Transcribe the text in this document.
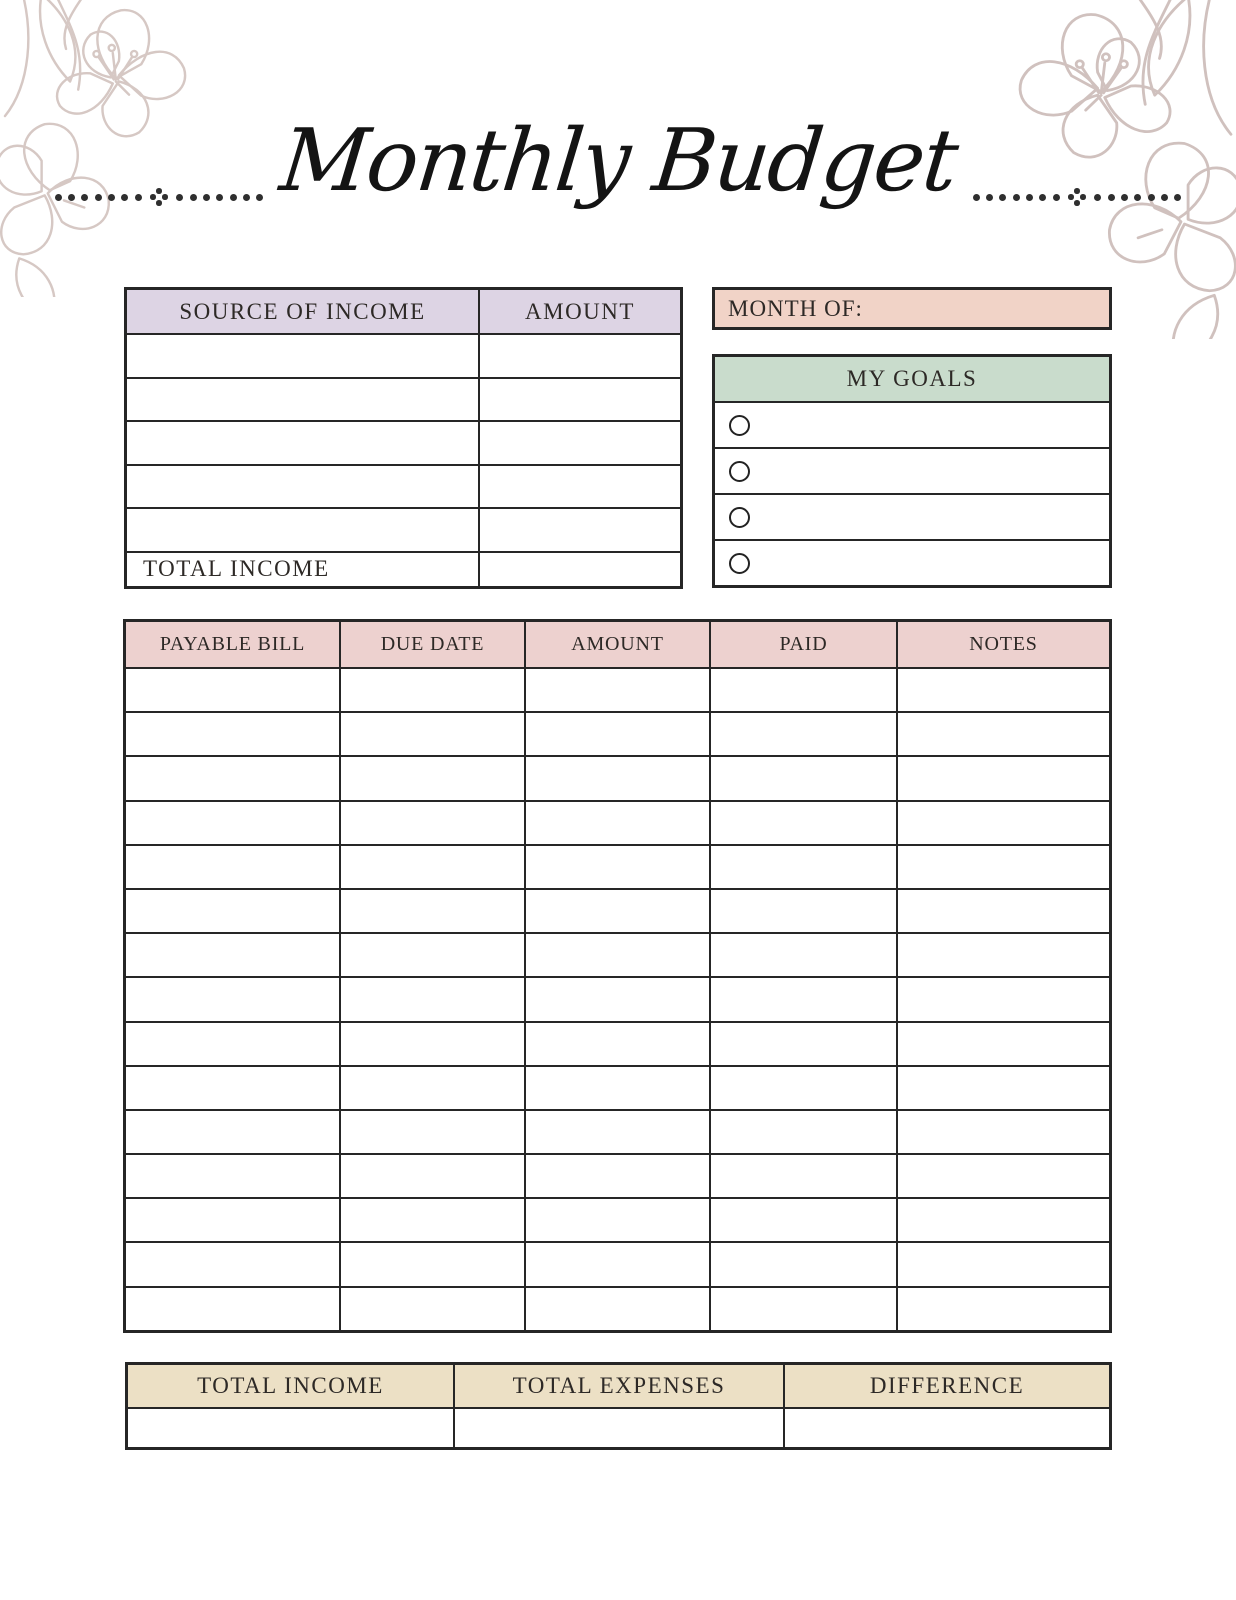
Monthly Budget
SOURCE OF INCOME	AMOUNT
TOTAL INCOME
MONTH OF:
MY GOALS
PAYABLE BILL	DUE DATE	AMOUNT	PAID	NOTES
TOTAL INCOME	TOTAL EXPENSES	DIFFERENCE
